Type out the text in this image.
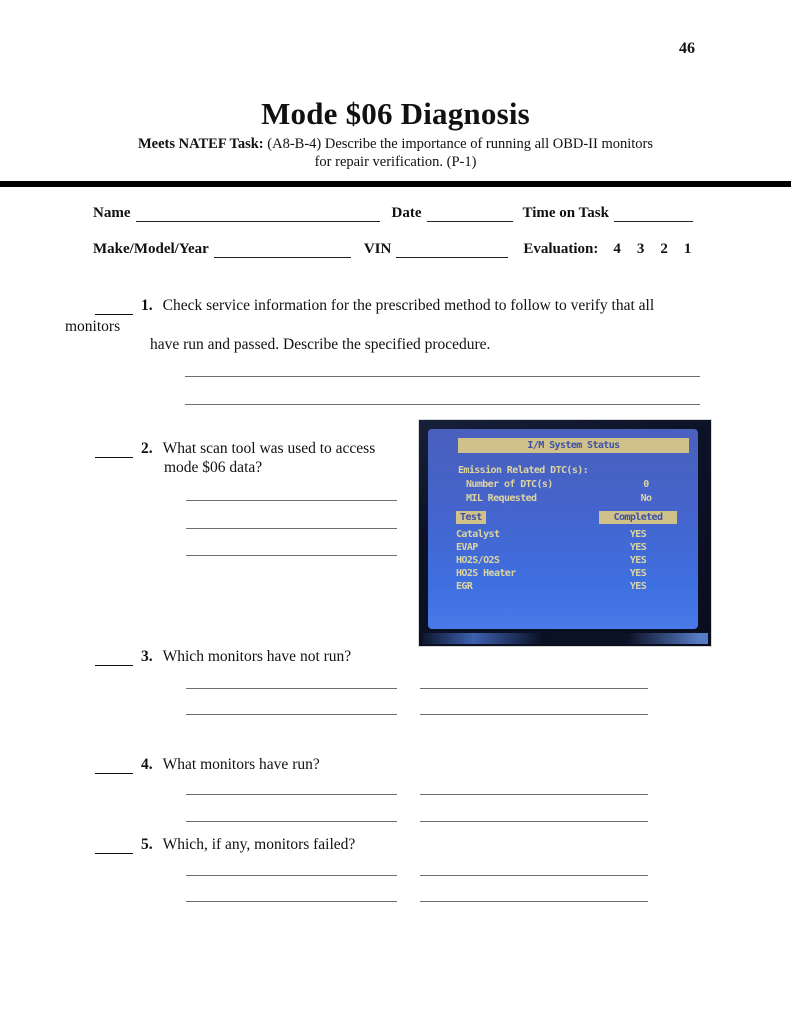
46
Mode $06 Diagnosis
Meets NATEF Task: (A8-B-4) Describe the importance of running all OBD-II monitors
for repair verification. (P-1)
Name	Date	Time on Task
Make/Model/Year	VIN	Evaluation: 4 3 2 1
1. Check service information for the prescribed method to follow to verify that all
monitors
have run and passed. Describe the specified procedure.
2. What scan tool was used to access
mode $06 data?
I/M System Status
Emission Related DTC(s):
Number of DTC(s)	0
MIL Requested	No
Test	Completed
Catalyst	YES
EVAP	YES
HO2S/O2S	YES
HO2S Heater	YES
EGR	YES
3. Which monitors have not run?
4. What monitors have run?
5. Which, if any, monitors failed?
